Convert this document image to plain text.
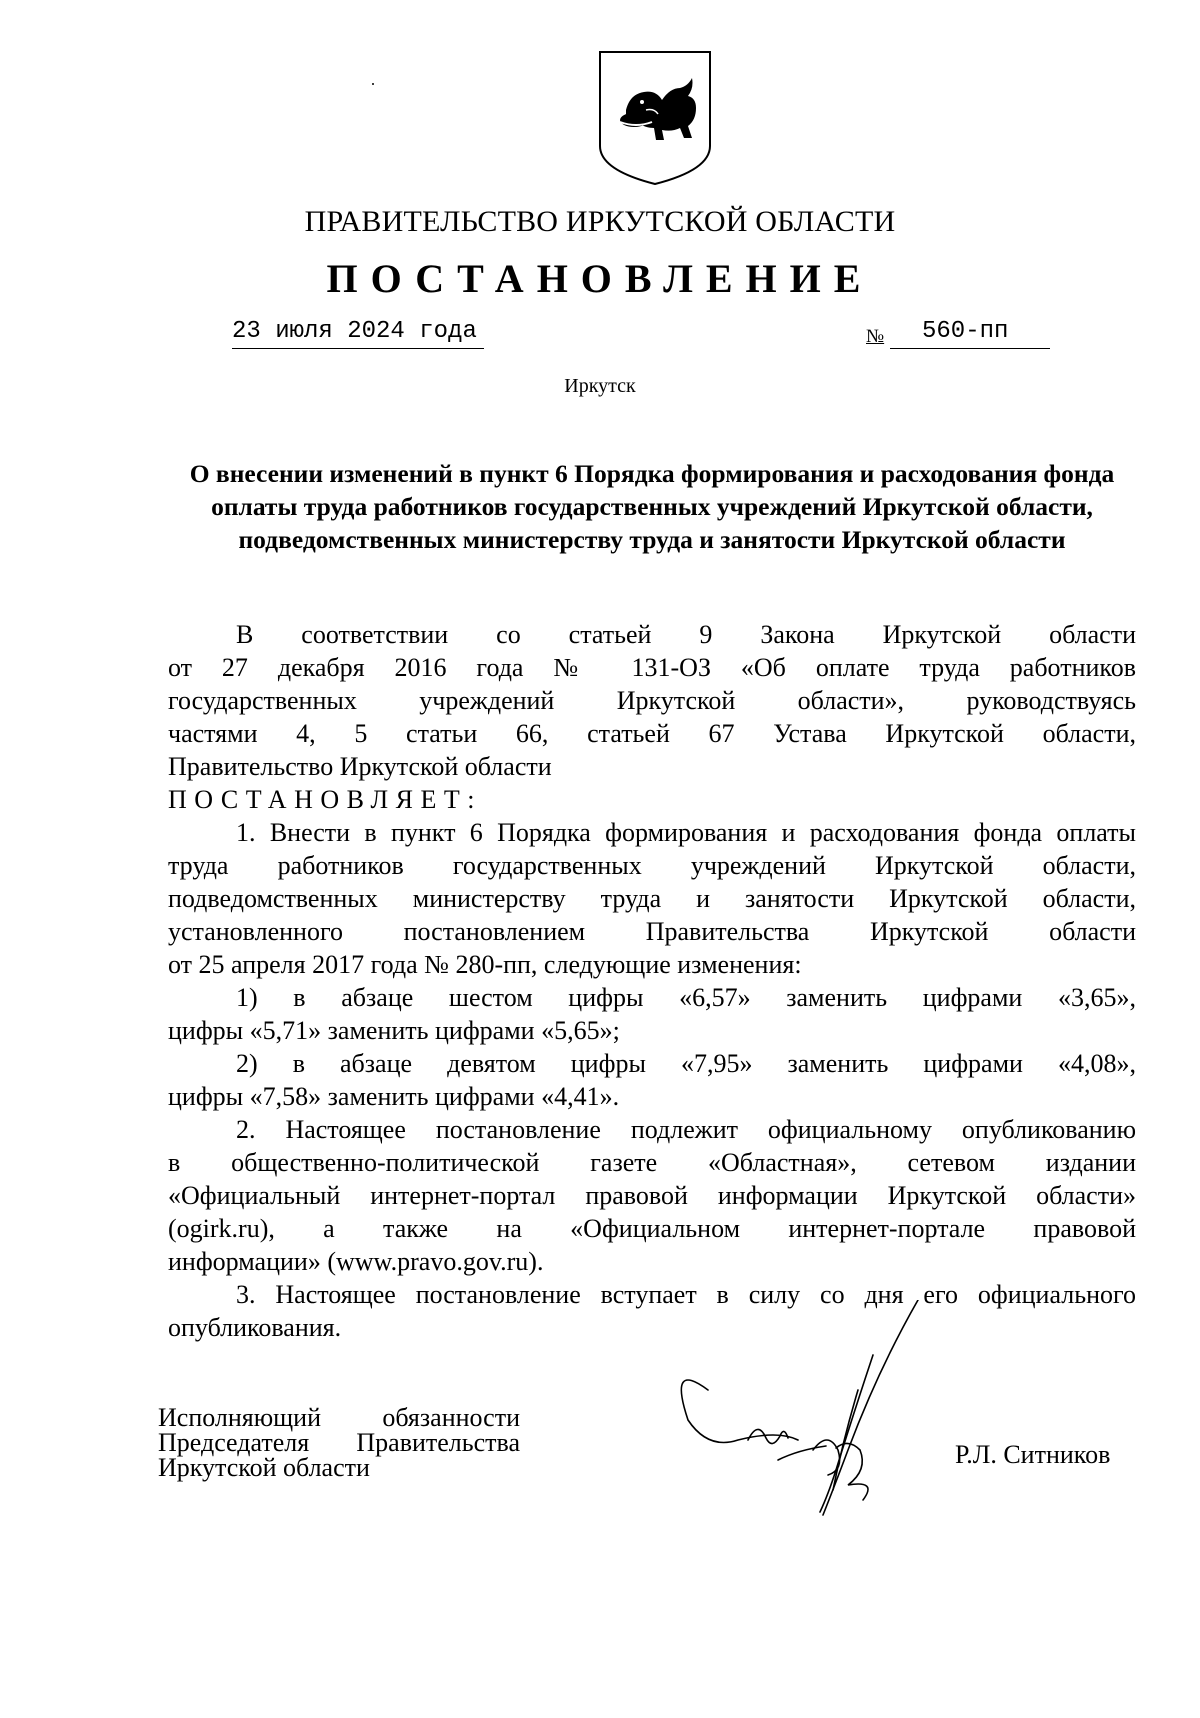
ПРАВИТЕЛЬСТВО ИРКУТСКОЙ ОБЛАСТИ
ПОСТАНОВЛЕНИЕ
23 июля 2024 года	№	560-пп
Иркутск
О внесении изменений в пункт 6 Порядка формирования и расходования фонда оплаты труда работников государственных учреждений Иркутской области, подведомственных министерству труда и занятости Иркутской области
В соответствии со статьей 9 Закона Иркутской области
от 27 декабря 2016 года № 131-ОЗ «Об оплате труда работников
государственных учреждений Иркутской области», руководствуясь
частями 4, 5 статьи 66, статьей 67 Устава Иркутской области,
Правительство Иркутской области
ПОСТАНОВЛЯЕТ:
1. Внести в пункт 6 Порядка формирования и расходования фонда оплаты
труда работников государственных учреждений Иркутской области,
подведомственных министерству труда и занятости Иркутской области,
установленного постановлением Правительства Иркутской области
от 25 апреля 2017 года № 280-пп, следующие изменения:
1) в абзаце шестом цифры «6,57» заменить цифрами «3,65»,
цифры «5,71» заменить цифрами «5,65»;
2) в абзаце девятом цифры «7,95» заменить цифрами «4,08»,
цифры «7,58» заменить цифрами «4,41».
2. Настоящее постановление подлежит официальному опубликованию
в общественно-политической газете «Областная», сетевом издании
«Официальный интернет-портал правовой информации Иркутской области»
(ogirk.ru), а также на «Официальном интернет-портале правовой
информации» (www.pravo.gov.ru).
3. Настоящее постановление вступает в силу со дня его официального
опубликования.
Исполняющий обязанности
Председателя Правительства
Иркутской области	Р.Л. Ситников
